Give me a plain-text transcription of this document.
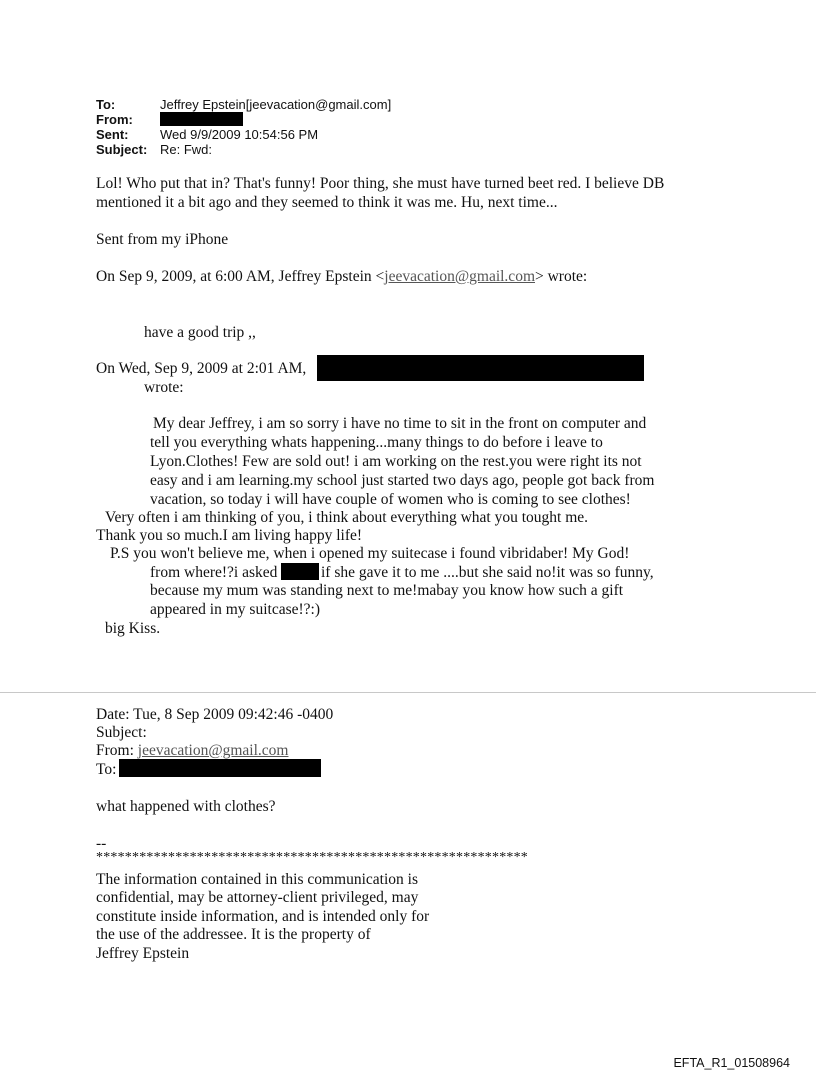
To:	Jeffrey Epstein[jeevacation@gmail.com]
From:
Sent: Wed 9/9/2009 10:54:56 PM
Subject: Re: Fwd:
Lol! Who put that in? That's funny! Poor thing, she must have turned beet red. I believe DB
mentioned it a bit ago and they seemed to think it was me. Hu, next time...
Sent from my iPhone
On Sep 9, 2009, at 6:00 AM, Jeffrey Epstein <jeevacation@gmail.com> wrote:
have a good trip ,,
On Wed, Sep 9, 2009 at 2:01 AM,
wrote:
My dear Jeffrey, i am so sorry i have no time to sit in the front on computer and
tell you everything whats happening...many things to do before i leave to
Lyon.Clothes! Few are sold out! i am working on the rest.you were right its not
easy and i am learning.my school just started two days ago, people got back from
vacation, so today i will have couple of women who is coming to see clothes!
Very often i am thinking of you, i think about everything what you tought me.
Thank you so much.I am living happy life!
P.S you won't believe me, when i opened my suitecase i found vibridaber! My God!
from where!?i asked	if she gave it to me ....but she said no!it was so funny,
because my mum was standing next to me!mabay you know how such a gift
appeared in my suitcase!?:)
big Kiss.
Date: Tue, 8 Sep 2009 09:42:46 -0400
Subject:
From: jeevacation@gmail.com
To:
what happened with clothes?
--
************************************************************
The information contained in this communication is
confidential, may be attorney-client privileged, may
constitute inside information, and is intended only for
the use of the addressee. It is the property of
Jeffrey Epstein
EFTA_R1_01508964
